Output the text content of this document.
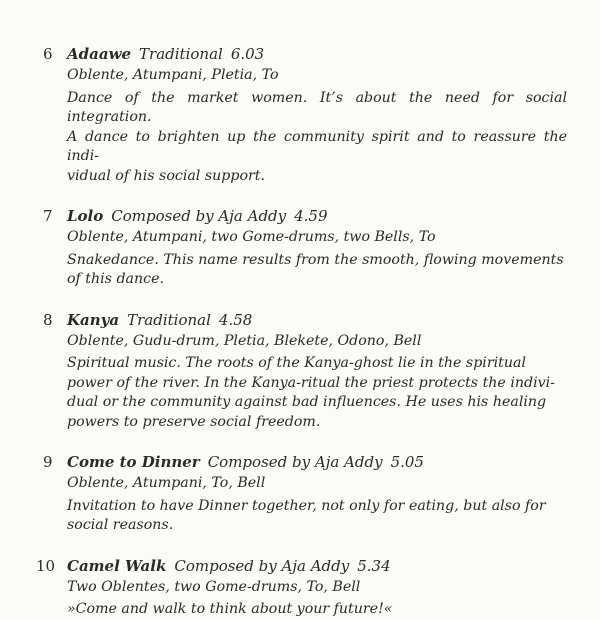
6 Adaawe Traditional 6.03
Oblente, Atumpani, Pletia, To
Dance of the market women. It’s about the need for social integration.
A dance to brighten up the community spirit and to reassure the indi-
vidual of his social support.
7 Lolo Composed by Aja Addy 4.59
Oblente, Atumpani, two Gome-drums, two Bells, To
Snakedance. This name results from the smooth, flowing movements
of this dance.
8 Kanya Traditional 4.58
Oblente, Gudu-drum, Pletia, Blekete, Odono, Bell
Spiritual music. The roots of the Kanya-ghost lie in the spiritual
power of the river. In the Kanya-ritual the priest protects the indivi-
dual or the community against bad influences. He uses his healing
powers to preserve social freedom.
9 Come to Dinner Composed by Aja Addy 5.05
Oblente, Atumpani, To, Bell
Invitation to have Dinner together, not only for eating, but also for
social reasons.
10 Camel Walk Composed by Aja Addy 5.34
Two Oblentes, two Gome-drums, To, Bell
»Come and walk to think about your future!«
